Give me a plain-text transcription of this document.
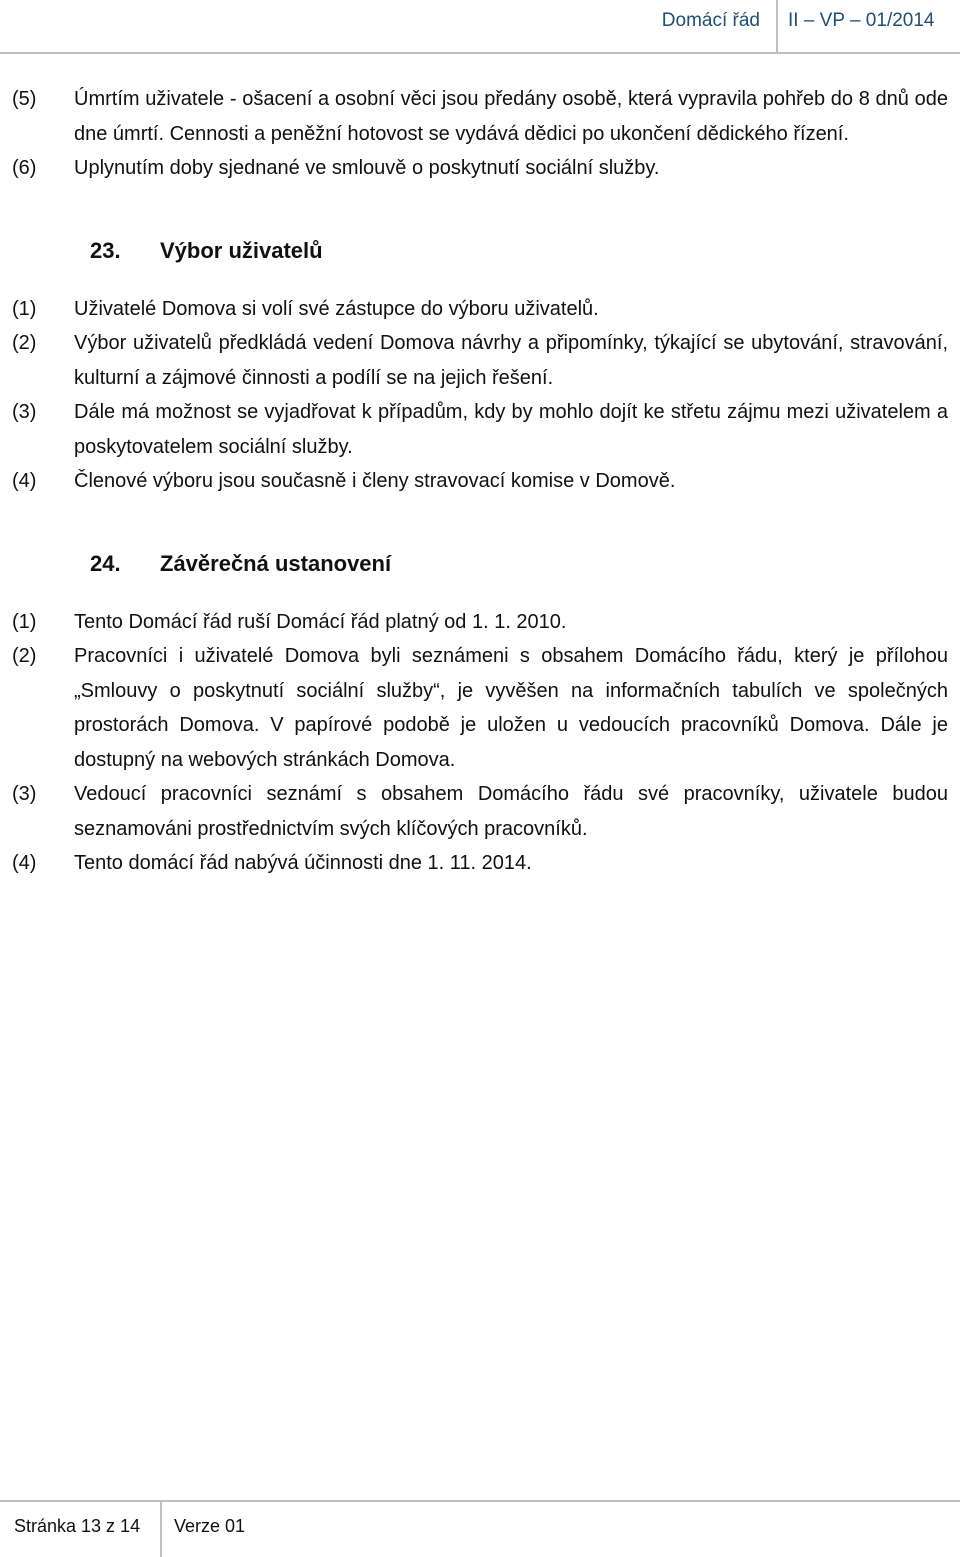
Domácí řád II – VP – 01/2014
(5)	Úmrtím uživatele - ošacení a osobní věci jsou předány osobě, která vypravila pohřeb do 8 dnů ode dne úmrtí. Cennosti a peněžní hotovost se vydává dědici po ukončení dědického řízení.
(6)	Uplynutím doby sjednané ve smlouvě o poskytnutí sociální služby.
23.	Výbor uživatelů
(1)	Uživatelé Domova si volí své zástupce do výboru uživatelů.
(2)	Výbor uživatelů předkládá vedení Domova návrhy a připomínky, týkající se ubytování, stravování, kulturní a zájmové činnosti a podílí se na jejich řešení.
(3)	Dále má možnost se vyjadřovat k případům, kdy by mohlo dojít ke střetu zájmu mezi uživatelem a poskytovatelem sociální služby.
(4)	Členové výboru jsou současně i členy stravovací komise v Domově.
24.	Závěrečná ustanovení
(1)	Tento Domácí řád ruší Domácí řád platný od 1. 1. 2010.
(2)	Pracovníci i uživatelé Domova byli seznámeni s obsahem Domácího řádu, který je přílohou „Smlouvy o poskytnutí sociální služby“, je vyvěšen na informačních tabulích ve společných prostorách Domova. V papírové podobě je uložen u vedoucích pracovníků Domova. Dále je dostupný na webových stránkách Domova.
(3)	Vedoucí pracovníci seznámí s obsahem Domácího řádu své pracovníky, uživatele budou seznamováni prostřednictvím svých klíčových pracovníků.
(4)	Tento domácí řád nabývá účinnosti dne 1. 11. 2014.
Stránka 13 z 14 Verze 01
